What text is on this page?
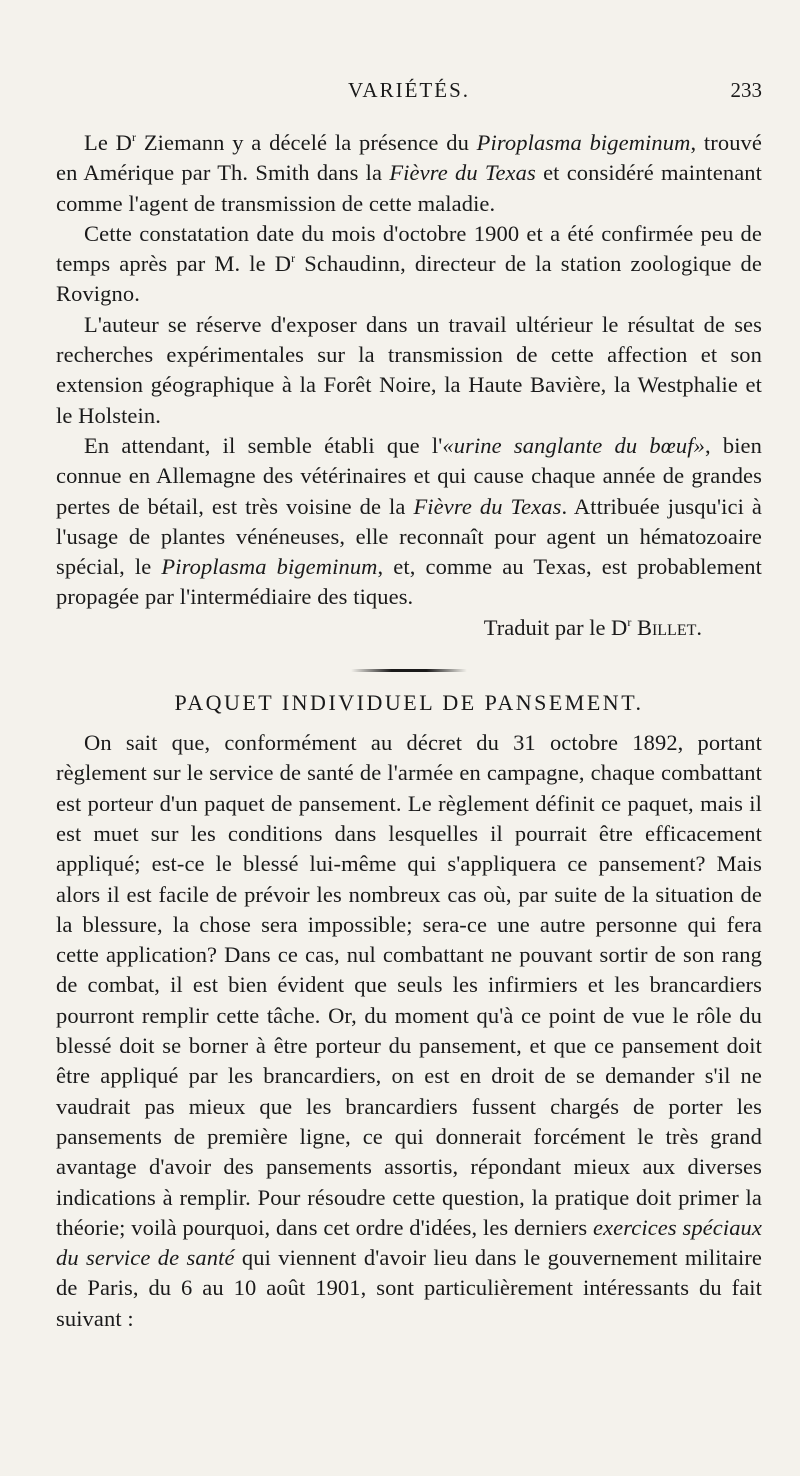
VARIÉTÉS.	233

Le $D^r$ Ziemann y a décelé la présence du Piroplasma bigeminum, trouvé en Amérique par Th. Smith dans la Fièvre du Texas et considéré maintenant comme l'agent de transmission de cette maladie.

Cette constatation date du mois d'octobre 1900 et a été confirmée peu de temps après par M. le $D^r$ Schaudinn, directeur de la station zoologique de Rovigno.

L'auteur se réserve d'exposer dans un travail ultérieur le résultat de ses recherches expérimentales sur la transmission de cette affection et son extension géographique à la Forêt Noire, la Haute Bavière, la Westphalie et le Holstein.

En attendant, il semble établi que l'«urine sanglante du bœuf», bien connue en Allemagne des vétérinaires et qui cause chaque année de grandes pertes de bétail, est très voisine de la Fièvre du Texas. Attribuée jusqu'ici à l'usage de plantes vénéneuses, elle reconnaît pour agent un hématozoaire spécial, le Piroplasma bigeminum, et, comme au Texas, est probablement propagée par l'intermédiaire des tiques.

Traduit par le $D^r$ Billet.
PAQUET INDIVIDUEL DE PANSEMENT.

On sait que, conformément au décret du 31 octobre 1892, portant règlement sur le service de santé de l'armée en campagne, chaque combattant est porteur d'un paquet de pansement. Le règlement définit ce paquet, mais il est muet sur les conditions dans lesquelles il pourrait être efficacement appliqué; est-ce le blessé lui-même qui s'appliquera ce pansement? Mais alors il est facile de prévoir les nombreux cas où, par suite de la situation de la blessure, la chose sera impossible; sera-ce une autre personne qui fera cette application? Dans ce cas, nul combattant ne pouvant sortir de son rang de combat, il est bien évident que seuls les infirmiers et les brancardiers pourront remplir cette tâche. Or, du moment qu'à ce point de vue le rôle du blessé doit se borner à être porteur du pansement, et que ce pansement doit être appliqué par les brancardiers, on est en droit de se demander s'il ne vaudrait pas mieux que les brancardiers fussent chargés de porter les pansements de première ligne, ce qui donnerait forcément le très grand avantage d'avoir des pansements assortis, répondant mieux aux diverses indications à remplir. Pour résoudre cette question, la pratique doit primer la théorie; voilà pourquoi, dans cet ordre d'idées, les derniers exercices spéciaux du service de santé qui viennent d'avoir lieu dans le gouvernement militaire de Paris, du 6 au 10 août 1901, sont particulièrement intéressants du fait suivant :
